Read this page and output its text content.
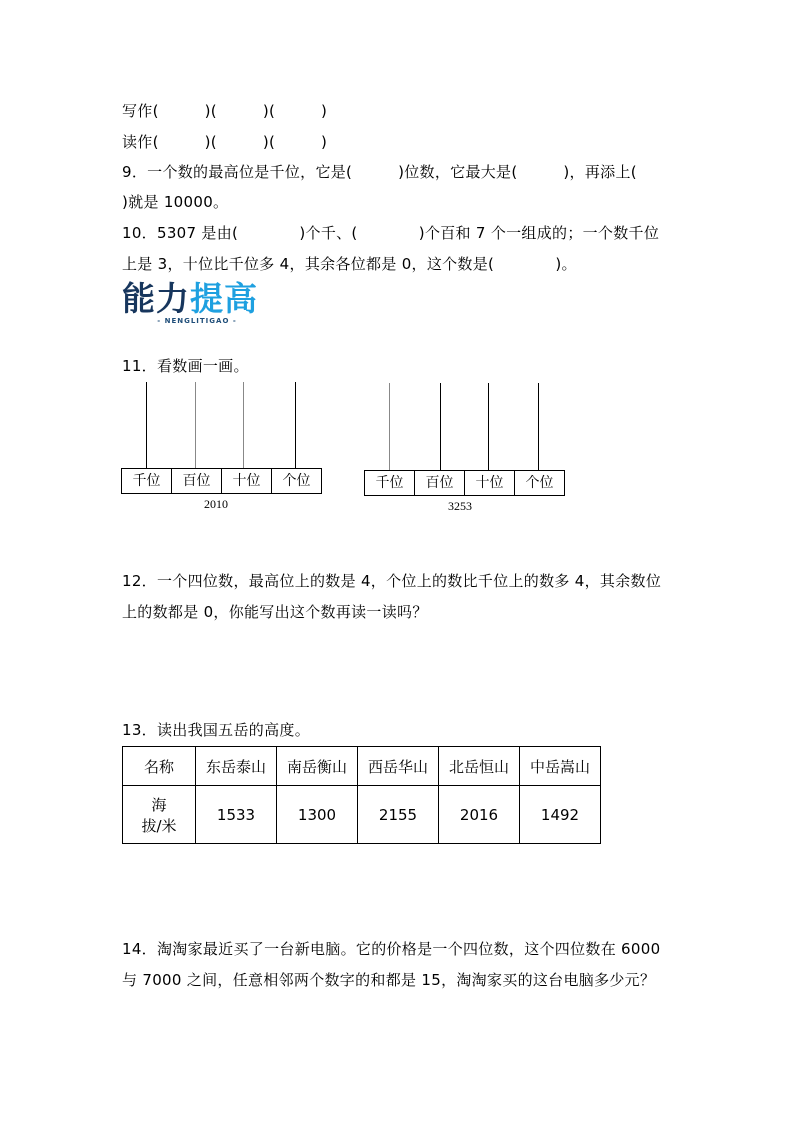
写作(　　　)(　　　)(　　　)
读作(　　　)(　　　)(　　　)
9．一个数的最高位是千位，它是(　　　)位数，它最大是(　　　)，再添上(
)就是 10000。
10．5307 是由(　　　　)个千、(　　　　)个百和 7 个一组成的；一个数千位
上是 3，十位比千位多 4，其余各位都是 0，这个数是(　　　　)。
能力提高
- NENGLITIGAO -
11．看数画一画。
千位	百位	十位	个位
2010
千位	百位	十位	个位
3253
12．一个四位数，最高位上的数是 4，个位上的数比千位上的数多 4，其余数位
上的数都是 0，你能写出这个数再读一读吗？
13．读出我国五岳的高度。
名称	东岳泰山	南岳衡山	西岳华山	北岳恒山	中岳嵩山

海
拔/米	1533	1300	2155	2016	1492
14．淘淘家最近买了一台新电脑。它的价格是一个四位数，这个四位数在 6000
与 7000 之间，任意相邻两个数字的和都是 15，淘淘家买的这台电脑多少元？
